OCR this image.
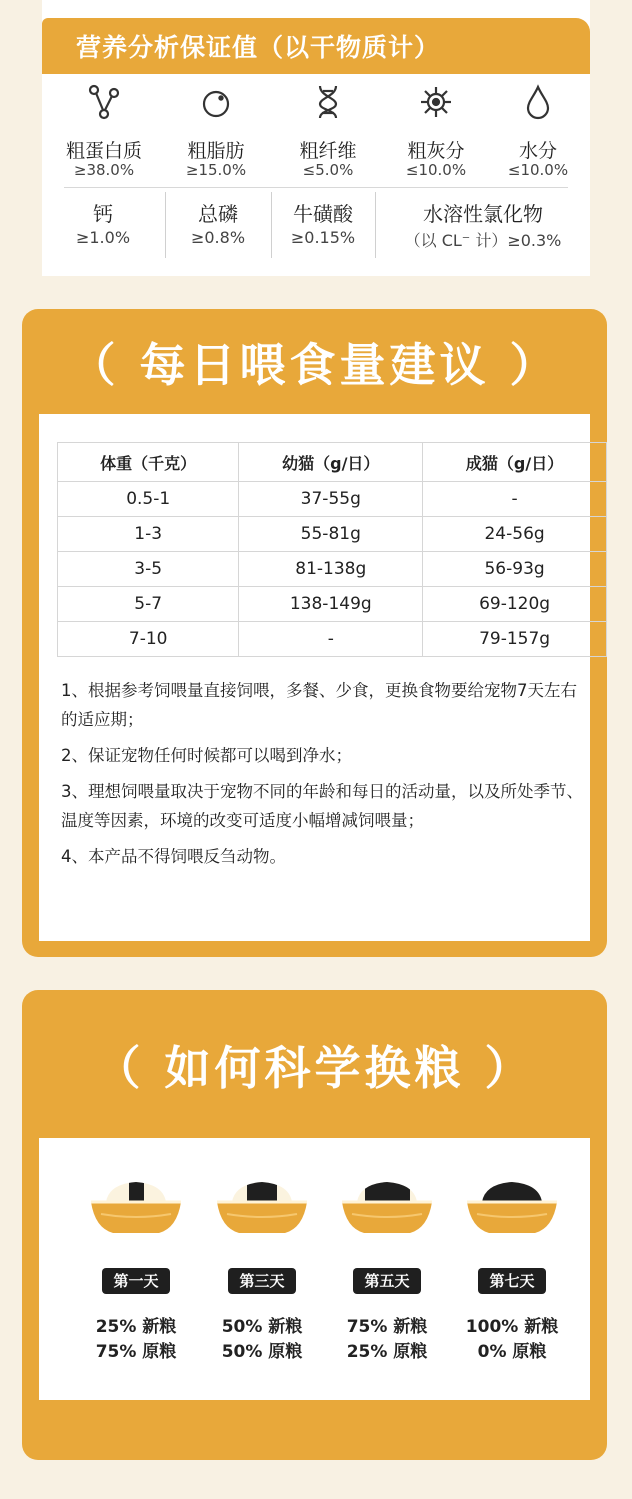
营养分析保证值（以干物质计）
粗蛋白质
≥38.0%
粗脂肪
≥15.0%
粗纤维
≤5.0%
粗灰分
≤10.0%
水分
≤10.0%
钙
≥1.0%
总磷
≥0.8%
牛磺酸
≥0.15%
水溶性氯化物
（以 CL⁻ 计）≥0.3%
（ 每日喂食量建议 ）
体重（千克）	幼猫（g/日）	成猫（g/日）
0.5-1	37-55g	-
1-3	55-81g	24-56g
3-5	81-138g	56-93g
5-7	138-149g	69-120g
7-10	-	79-157g

1、根据参考饲喂量直接饲喂，多餐、少食，更换食物要给宠物7天左右的适应期；

2、保证宠物任何时候都可以喝到净水；

3、理想饲喂量取决于宠物不同的年龄和每日的活动量，以及所处季节、温度等因素，环境的改变可适度小幅增减饲喂量；

4、本产品不得饲喂反刍动物。

（ 如何科学换粮 ）
第一天
25% 新粮
75% 原粮
第三天
50% 新粮
50% 原粮
第五天
75% 新粮
25% 原粮
第七天
100% 新粮
0% 原粮
